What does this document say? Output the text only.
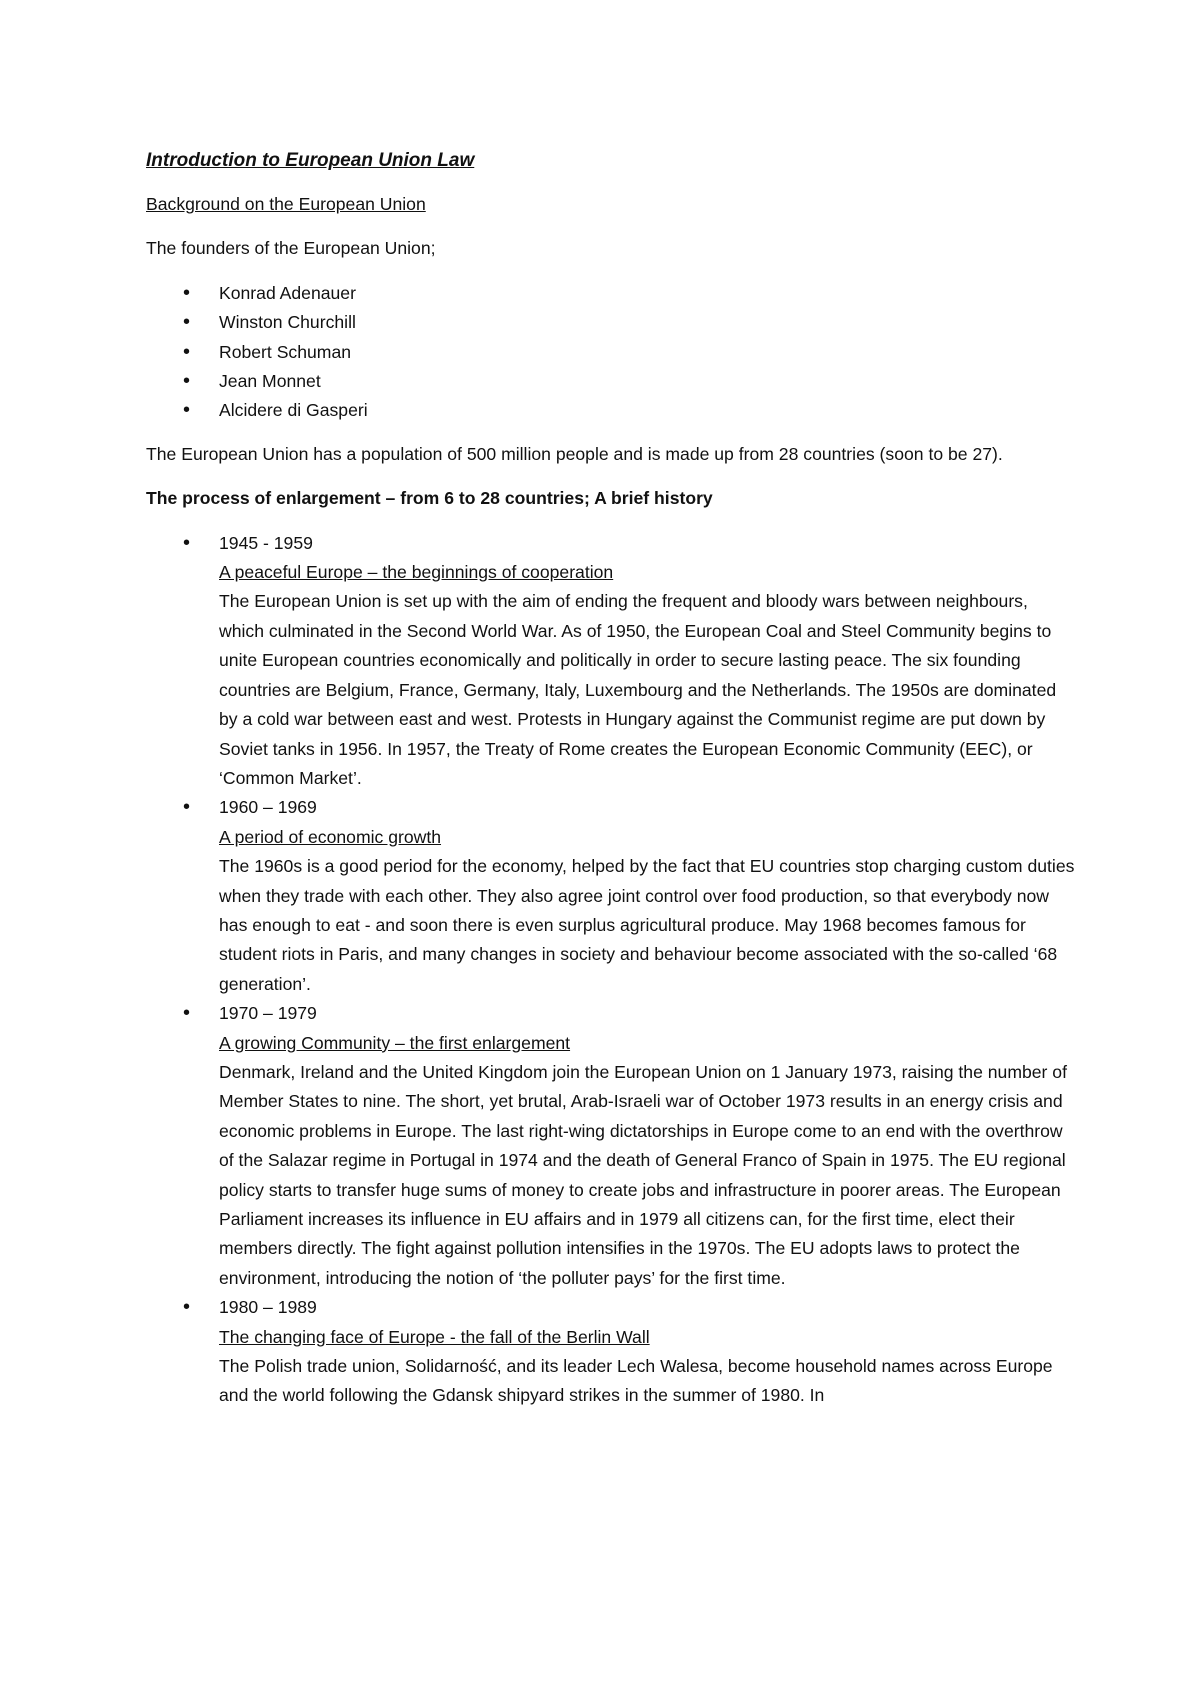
Introduction to European Union Law
Background on the European Union

The founders of the European Union;

• Konrad Adenauer
• Winston Churchill
• Robert Schuman
• Jean Monnet
• Alcidere di Gasperi

The European Union has a population of 500 million people and is made up from 28 countries (soon to be 27).

The process of enlargement – from 6 to 28 countries; A brief history
• 1945 - 1959
A peaceful Europe – the beginnings of cooperation
The European Union is set up with the aim of ending the frequent and bloody wars between neighbours, which culminated in the Second World War. As of 1950, the European Coal and Steel Community begins to unite European countries economically and politically in order to secure lasting peace. The six founding countries are Belgium, France, Germany, Italy, Luxembourg and the Netherlands. The 1950s are dominated by a cold war between east and west. Protests in Hungary against the Communist regime are put down by Soviet tanks in 1956. In 1957, the Treaty of Rome creates the European Economic Community (EEC), or ‘Common Market’.
• 1960 – 1969
A period of economic growth
The 1960s is a good period for the economy, helped by the fact that EU countries stop charging custom duties when they trade with each other. They also agree joint control over food production, so that everybody now has enough to eat - and soon there is even surplus agricultural produce. May 1968 becomes famous for student riots in Paris, and many changes in society and behaviour become associated with the so-called ‘68 generation’.
• 1970 – 1979
A growing Community – the first enlargement
Denmark, Ireland and the United Kingdom join the European Union on 1 January 1973, raising the number of Member States to nine. The short, yet brutal, Arab-Israeli war of October 1973 results in an energy crisis and economic problems in Europe. The last right-wing dictatorships in Europe come to an end with the overthrow of the Salazar regime in Portugal in 1974 and the death of General Franco of Spain in 1975. The EU regional policy starts to transfer huge sums of money to create jobs and infrastructure in poorer areas. The European Parliament increases its influence in EU affairs and in 1979 all citizens can, for the first time, elect their members directly. The fight against pollution intensifies in the 1970s. The EU adopts laws to protect the environment, introducing the notion of ‘the polluter pays’ for the first time.
• 1980 – 1989
The changing face of Europe - the fall of the Berlin Wall
The Polish trade union, Solidarność, and its leader Lech Walesa, become household names across Europe and the world following the Gdansk shipyard strikes in the summer of 1980. In
